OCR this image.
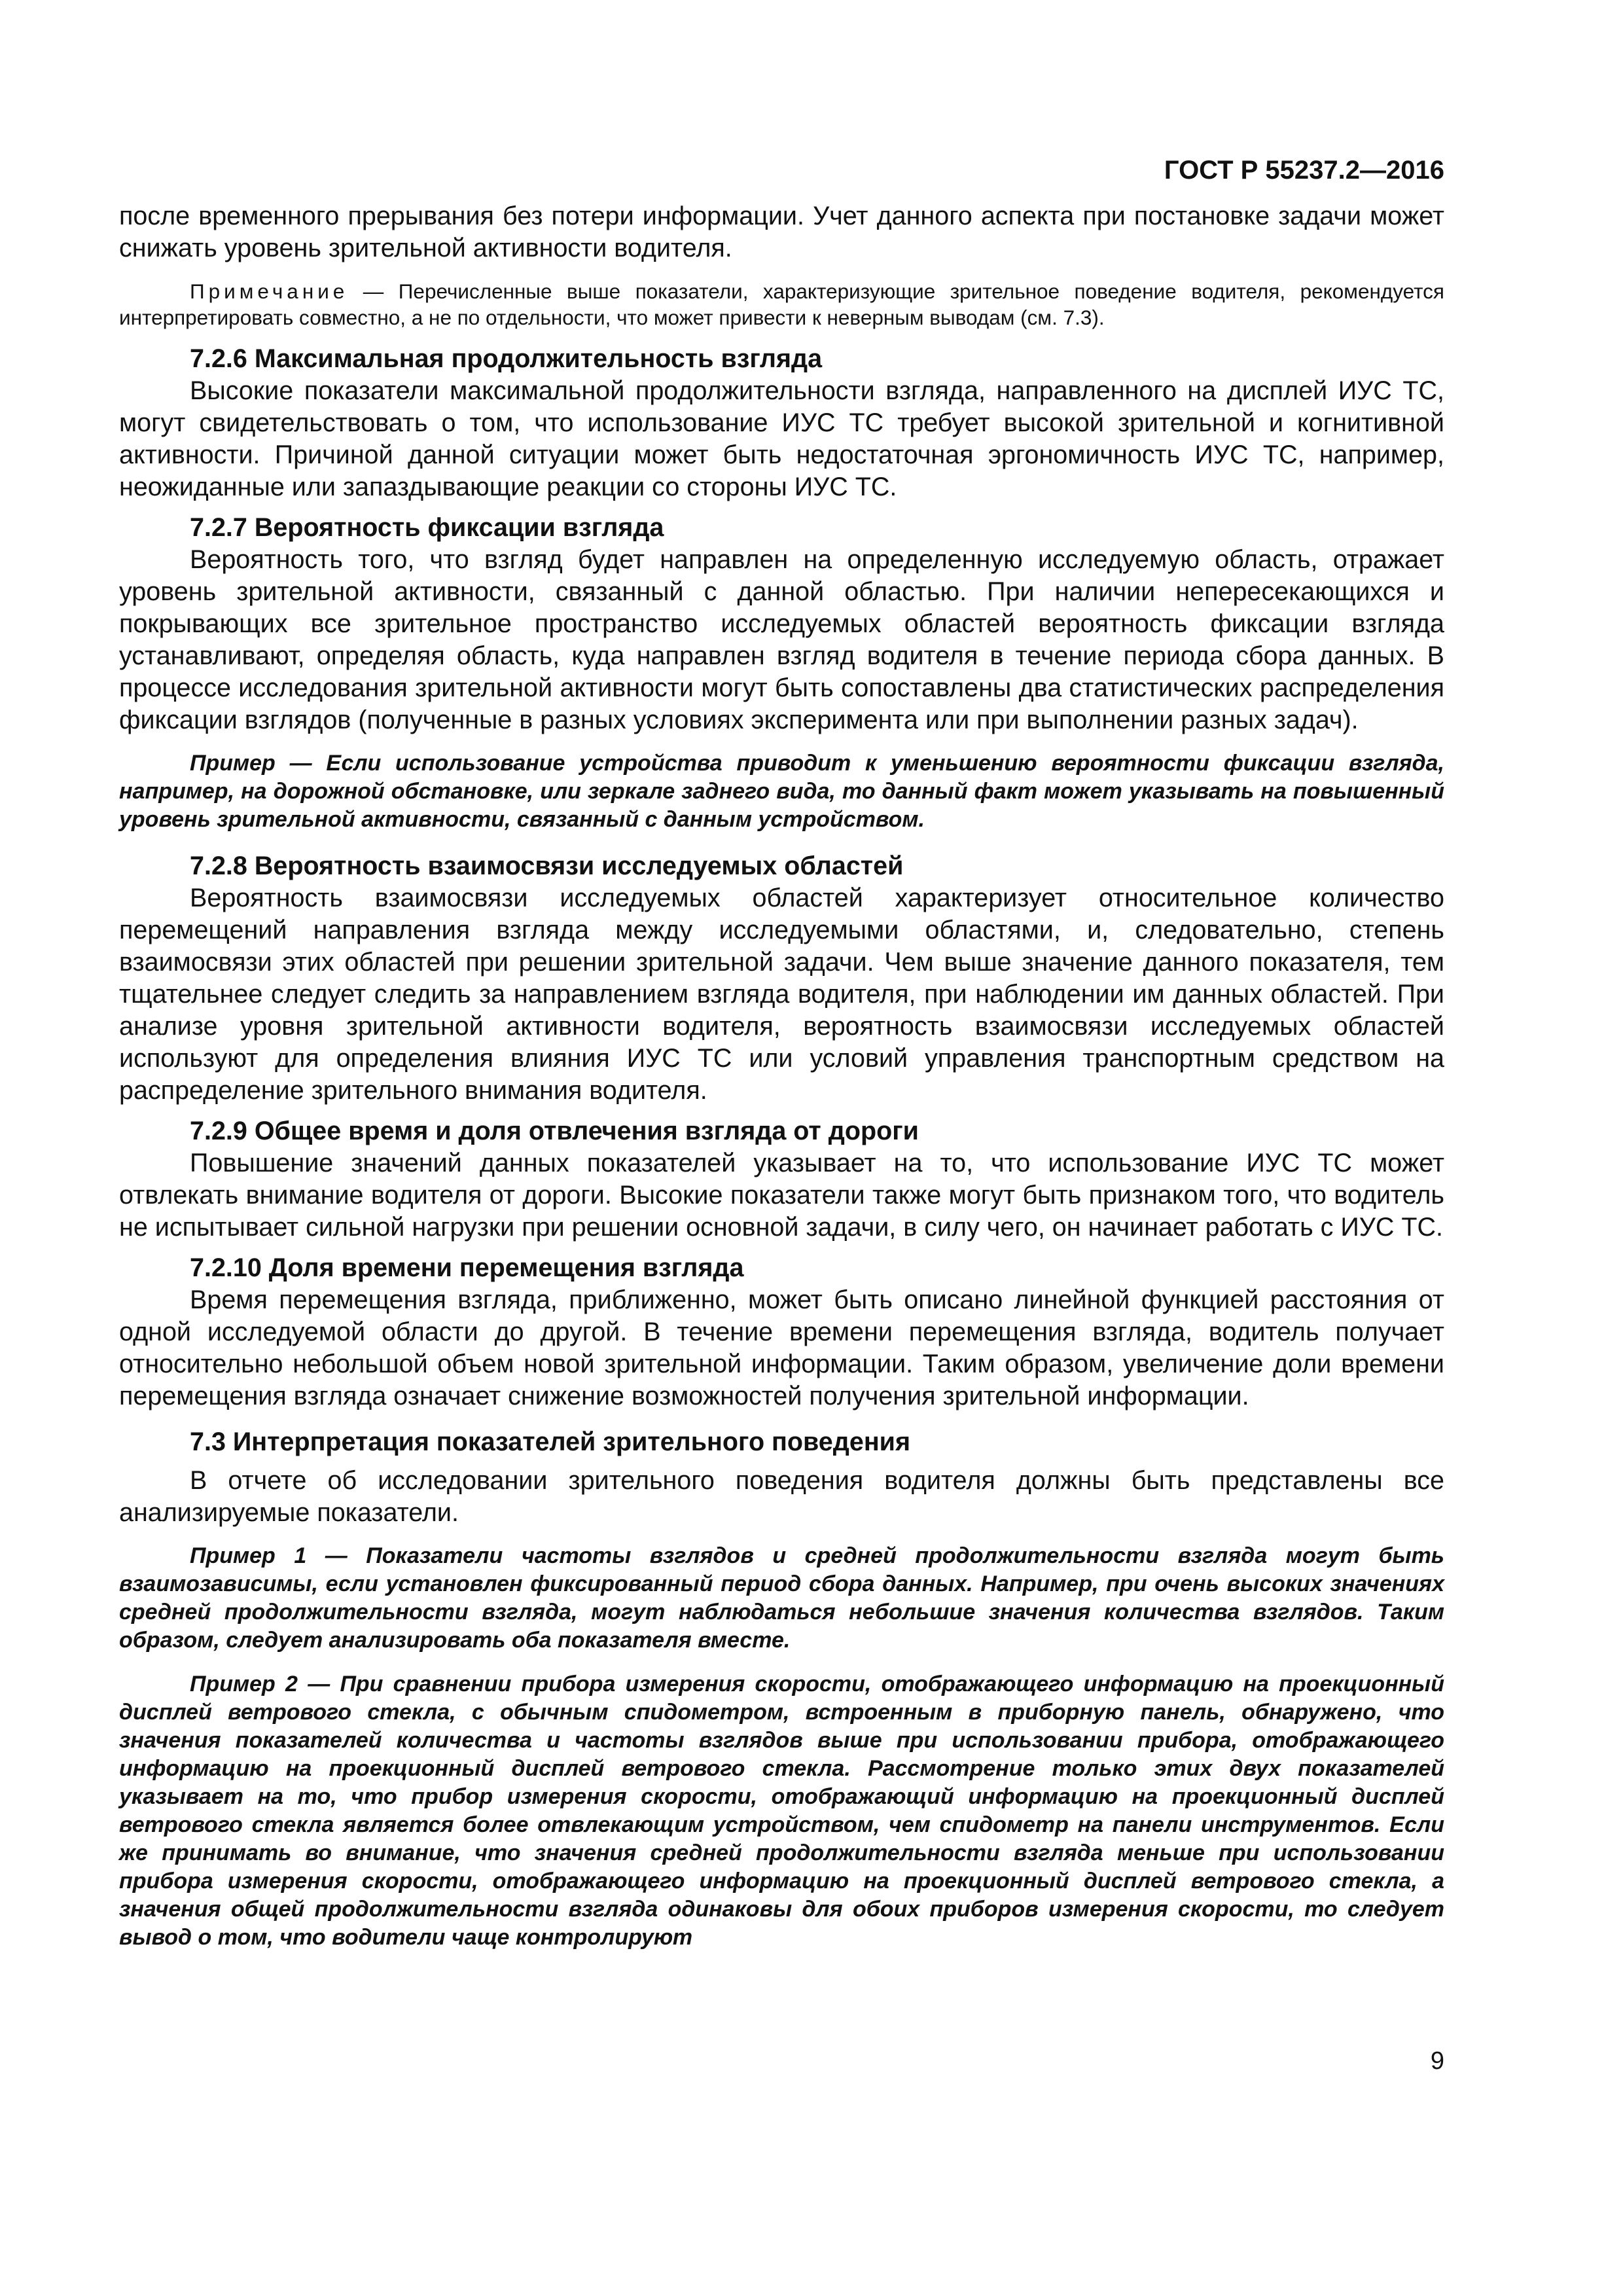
ГОСТ Р 55237.2—2016

после временного прерывания без потери информации. Учет данного аспекта при постановке задачи может снижать уровень зрительной активности водителя.

Примечание — Перечисленные выше показатели, характеризующие зрительное поведение водителя, рекомендуется интерпретировать совместно, а не по отдельности, что может привести к неверным выводам (см. 7.3).

7.2.6 Максимальная продолжительность взгляда

Высокие показатели максимальной продолжительности взгляда, направленного на дисплей ИУС ТС, могут свидетельствовать о том, что использование ИУС ТС требует высокой зрительной и когнитивной активности. Причиной данной ситуации может быть недостаточная эргономичность ИУС ТС, например, неожиданные или запаздывающие реакции со стороны ИУС ТС.

7.2.7 Вероятность фиксации взгляда

Вероятность того, что взгляд будет направлен на определенную исследуемую область, отражает уровень зрительной активности, связанный с данной областью. При наличии непересекающихся и покрывающих все зрительное пространство исследуемых областей вероятность фиксации взгляда устанавливают, определяя область, куда направлен взгляд водителя в течение периода сбора данных. В процессе исследования зрительной активности могут быть сопоставлены два статистических распределения фиксации взглядов (полученные в разных условиях эксперимента или при выполнении разных задач).

Пример — Если использование устройства приводит к уменьшению вероятности фиксации взгляда, например, на дорожной обстановке, или зеркале заднего вида, то данный факт может указывать на повышенный уровень зрительной активности, связанный с данным устройством.

7.2.8 Вероятность взаимосвязи исследуемых областей

Вероятность взаимосвязи исследуемых областей характеризует относительное количество перемещений направления взгляда между исследуемыми областями, и, следовательно, степень взаимосвязи этих областей при решении зрительной задачи. Чем выше значение данного показателя, тем тщательнее следует следить за направлением взгляда водителя, при наблюдении им данных областей. При анализе уровня зрительной активности водителя, вероятность взаимосвязи исследуемых областей используют для определения влияния ИУС ТС или условий управления транспортным средством на распределение зрительного внимания водителя.

7.2.9 Общее время и доля отвлечения взгляда от дороги

Повышение значений данных показателей указывает на то, что использование ИУС ТС может отвлекать внимание водителя от дороги. Высокие показатели также могут быть признаком того, что водитель не испытывает сильной нагрузки при решении основной задачи, в силу чего, он начинает работать с ИУС ТС.

7.2.10 Доля времени перемещения взгляда

Время перемещения взгляда, приближенно, может быть описано линейной функцией расстояния от одной исследуемой области до другой. В течение времени перемещения взгляда, водитель получает относительно небольшой объем новой зрительной информации. Таким образом, увеличение доли времени перемещения взгляда означает снижение возможностей получения зрительной информации.

7.3 Интерпретация показателей зрительного поведения

В отчете об исследовании зрительного поведения водителя должны быть представлены все анализируемые показатели.

Пример 1 — Показатели частоты взглядов и средней продолжительности взгляда могут быть взаимозависимы, если установлен фиксированный период сбора данных. Например, при очень высоких значениях средней продолжительности взгляда, могут наблюдаться небольшие значения количества взглядов. Таким образом, следует анализировать оба показателя вместе.

Пример 2 — При сравнении прибора измерения скорости, отображающего информацию на проекционный дисплей ветрового стекла, с обычным спидометром, встроенным в приборную панель, обнаружено, что значения показателей количества и частоты взглядов выше при использовании прибора, отображающего информацию на проекционный дисплей ветрового стекла. Рассмотрение только этих двух показателей указывает на то, что прибор измерения скорости, отображающий информацию на проекционный дисплей ветрового стекла является более отвлекающим устройством, чем спидометр на панели инструментов. Если же принимать во внимание, что значения средней продолжительности взгляда меньше при использовании прибора измерения скорости, отображающего информацию на проекционный дисплей ветрового стекла, а значения общей продолжительности взгляда одинаковы для обоих приборов измерения скорости, то следует вывод о том, что водители чаще контролируют

9
